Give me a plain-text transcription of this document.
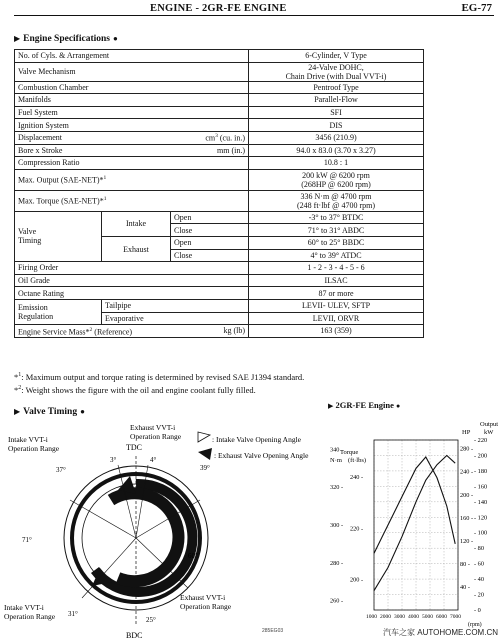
ENGINE - 2GR-FE ENGINE	EG-77
▶ Engine Specifications ●
No. of Cyls. & Arrangement			6-Cylinder, V Type
Valve Mechanism			24-Valve DOHC,
Chain Drive (with Dual VVT-i)
Combustion Chamber			Pentroof Type
Manifolds			Parallel-Flow
Fuel System			SFI
Ignition System			DIS
Displacement		$cm^3$ (cu. in.)	3456 (210.9)
Bore x Stroke		mm (in.)	94.0 x 83.0 (3.70 x 3.27)
Compression Ratio			10.8 : 1
Max. Output (SAE-NET)*$^1$			200 kW @ 6200 rpm
(268HP @ 6200 rpm)
Max. Torque (SAE-NET)*$^1$			336 N·m @ 4700 rpm
(248 ft·lbf @ 4700 rpm)
Valve
Timing	Intake	Open	-3° to 37° BTDC
		Close	71° to 31° ABDC
	Exhaust	Open	60° to 25° BBDC
		Close	4° to 39° ATDC
Firing Order			1 - 2 - 3 - 4 - 5 - 6
Oil Grade			ILSAC
Octane Rating			87 or more
Emission
Regulation	Tailpipe		LEVII- ULEV, SFTP
	Evaporative		LEVII, ORVR
Engine Service Mass*$^2$ (Reference)		kg (lb)	163 (359)
*$^1$: Maximum output and torque rating is determined by revised SAE J1394 standard.
*$^2$: Weight shows the figure with the oil and engine coolant fully filled.
▶ Valve Timing ●
TDC
BDC
3°	4°
37°	39°
71°
31°
60°
25°
Intake VVT-i
Operation Range
Exhaust VVT-i
Operation Range
Intake VVT-i
Operation Range
Exhaust VVT-i
Operation Range
: Intake Valve Opening Angle
: Exhaust Valve Opening Angle
285EG03
▶ 2GR-FE Engine ●
- 220
- 200
- 180
- 160
- 140
- 120
- 100
- 80
- 60
- 40
- 20
- 0
280 -
240 -
200 -
160 -
120 -
80 -
40 -
340 -
320 -
300 -
280 -
260 -
240 -
220 -
200 -
1000 2000 3000 4000 5000 6000 7000
Output
HP kW
Torque
N·m (ft·lbs)
(rpm)
汽车之家 AUTOHOME.COM.CN
